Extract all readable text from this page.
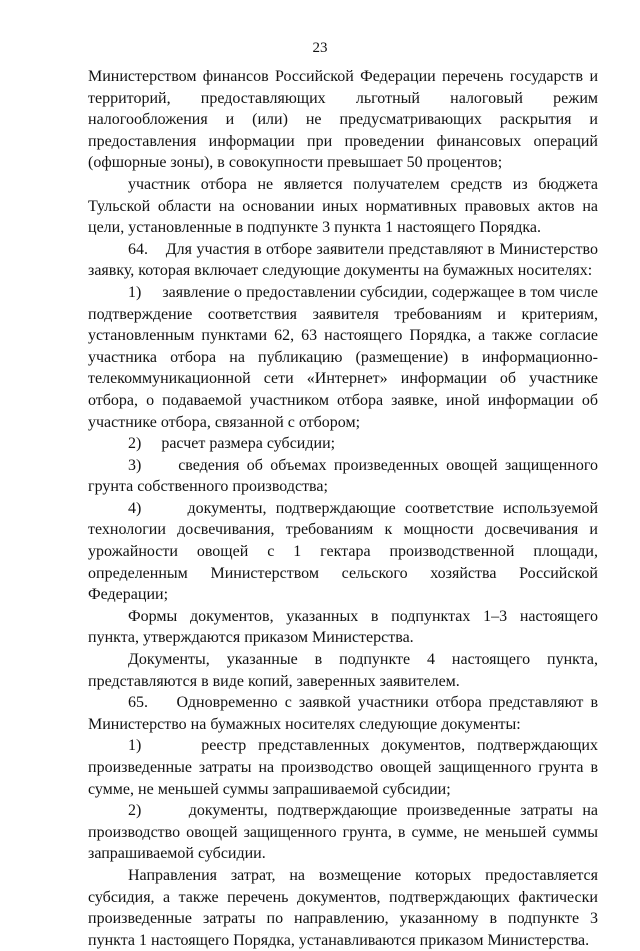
23

Министерством финансов Российской Федерации перечень государств и территорий, предоставляющих льготный налоговый режим налогообложения и (или) не предусматривающих раскрытия и предоставления информации при проведении финансовых операций (офшорные зоны), в совокупности превышает 50 процентов;

участник отбора не является получателем средств из бюджета Тульской области на основании иных нормативных правовых актов на цели, установленные в подпункте 3 пункта 1 настоящего Порядка.

64.    Для участия в отборе заявители представляют в Министерство заявку, которая включает следующие документы на бумажных носителях:

1)     заявление о предоставлении субсидии, содержащее в том числе подтверждение соответствия заявителя требованиям и критериям, установленным пунктами 62, 63 настоящего Порядка, а также согласие участника отбора на публикацию (размещение) в информационно-телекоммуникационной сети «Интернет» информации об участнике отбора, о подаваемой участником отбора заявке, иной информации об участнике отбора, связанной с отбором;

2)     расчет размера субсидии;

3)     сведения об объемах произведенных овощей защищенного грунта собственного производства;

4)     документы, подтверждающие соответствие используемой технологии досвечивания, требованиям к мощности досвечивания и урожайности овощей с 1 гектара производственной площади, определенным Министерством сельского хозяйства Российской Федерации;

Формы документов, указанных в подпунктах 1–3 настоящего пункта, утверждаются приказом Министерства.

Документы, указанные в подпункте 4 настоящего пункта, представляются в виде копий, заверенных заявителем.

65.    Одновременно с заявкой участники отбора представляют в Министерство на бумажных носителях следующие документы:

1)     реестр представленных документов, подтверждающих произведенные затраты на производство овощей защищенного грунта в сумме, не меньшей суммы запрашиваемой субсидии;

2)     документы, подтверждающие произведенные затраты на производство овощей защищенного грунта, в сумме, не меньшей суммы запрашиваемой субсидии.

Направления затрат, на возмещение которых предоставляется субсидия, а также перечень документов, подтверждающих фактически произведенные затраты по направлению, указанному в подпункте 3 пункта 1 настоящего Порядка, устанавливаются приказом Министерства.
